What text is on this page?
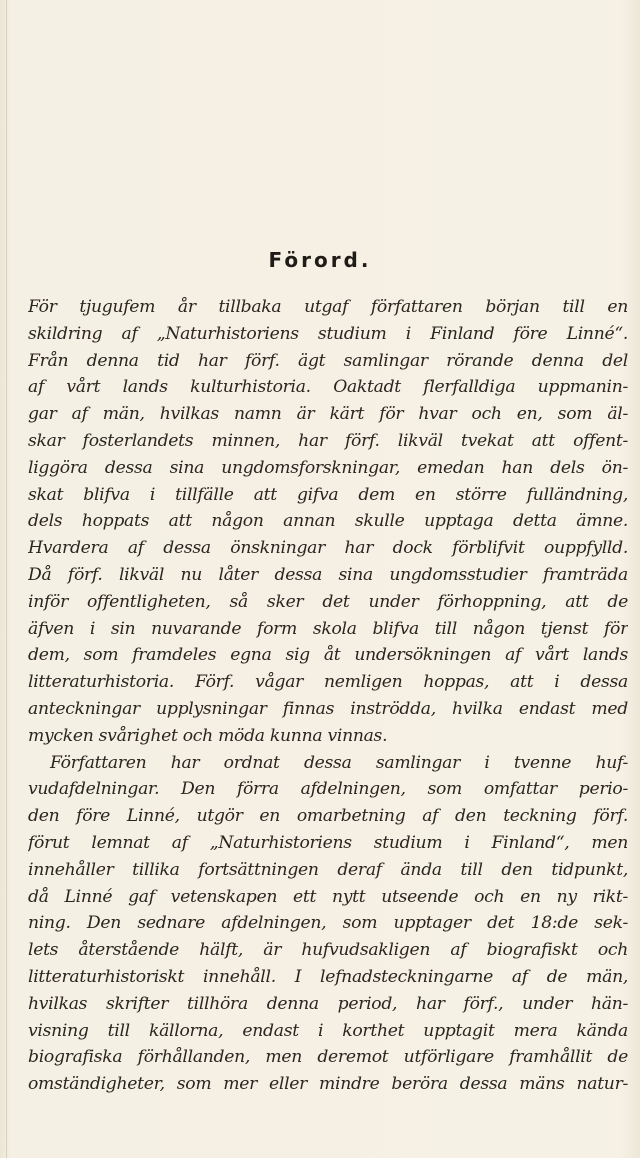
Förord.
För tjugufem år tillbaka utgaf författaren början till en
skildring af „Naturhistoriens studium i Finland före Linné“.
Från denna tid har förf. ägt samlingar rörande denna del
af vårt lands kulturhistoria. Oaktadt flerfalldiga uppmanin-
gar af män, hvilkas namn är kärt för hvar och en, som äl-
skar fosterlandets minnen, har förf. likväl tvekat att offent-
liggöra dessa sina ungdomsforskningar, emedan han dels ön-
skat blifva i tillfälle att gifva dem en större fulländning,
dels hoppats att någon annan skulle upptaga detta ämne.
Hvardera af dessa önskningar har dock förblifvit ouppfylld.
Då förf. likväl nu låter dessa sina ungdomsstudier framträda
inför offentligheten, så sker det under förhoppning, att de
äfven i sin nuvarande form skola blifva till någon tjenst för
dem, som framdeles egna sig åt undersökningen af vårt lands
litteraturhistoria. Förf. vågar nemligen hoppas, att i dessa
anteckningar upplysningar finnas inströdda, hvilka endast med
mycken svårighet och möda kunna vinnas.
Författaren har ordnat dessa samlingar i tvenne huf-
vudafdelningar. Den förra afdelningen, som omfattar perio-
den före Linné, utgör en omarbetning af den teckning förf.
förut lemnat af „Naturhistoriens studium i Finland“, men
innehåller tillika fortsättningen deraf ända till den tidpunkt,
då Linné gaf vetenskapen ett nytt utseende och en ny rikt-
ning. Den sednare afdelningen, som upptager det 18:de sek-
lets återstående hälft, är hufvudsakligen af biografiskt och
litteraturhistoriskt innehåll. I lefnadsteckningarne af de män,
hvilkas skrifter tillhöra denna period, har förf., under hän-
visning till källorna, endast i korthet upptagit mera kända
biografiska förhållanden, men deremot utförligare framhållit de
omständigheter, som mer eller mindre beröra dessa mäns natur-
